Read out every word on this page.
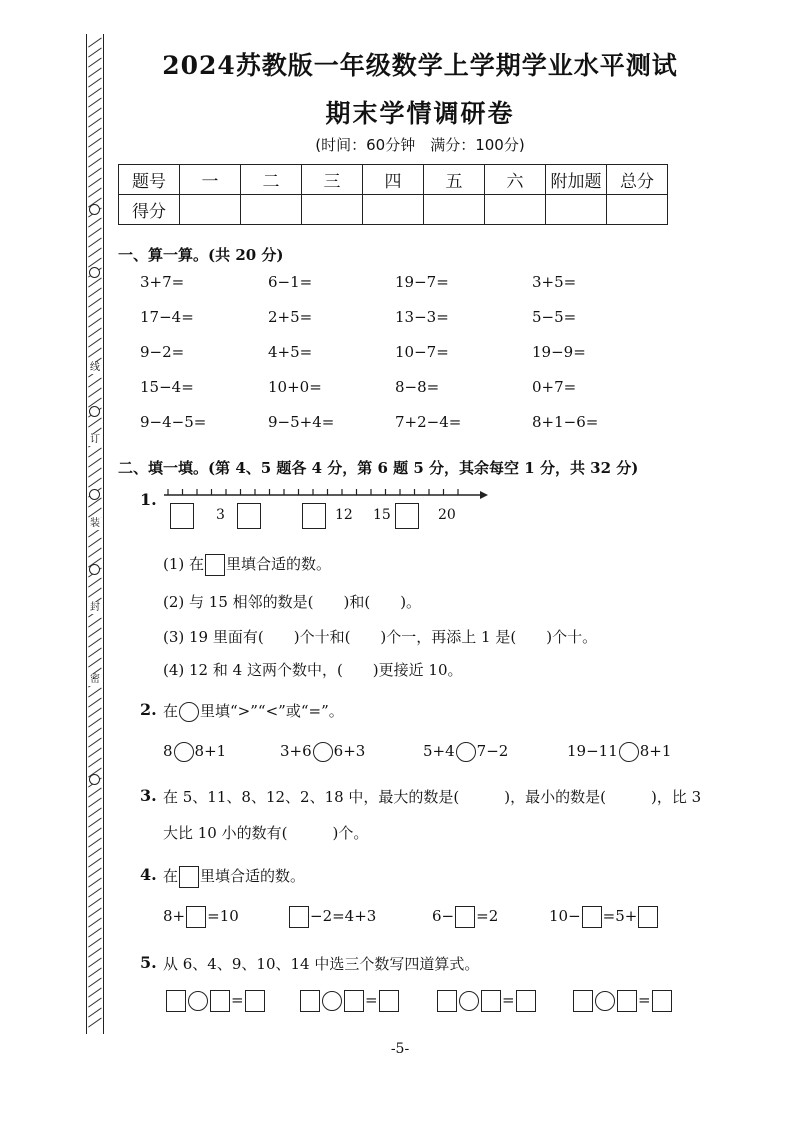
线
订
装
封
密
2024苏教版一年级数学上学期学业水平测试
期末学情调研卷
(时间：60分钟　满分：100分)
题号	一	二	三	四	五	六	附加题	总分
得分								
一、算一算。(共 20 分)
3+7=	6−1=	19−7=	3+5=
17−4=	2+5=	13−3=	5−5=
9−2=	4+5=	10−7=	19−9=
15−4=	10+0=	8−8=	0+7=
9−4−5=	9−5+4=	7+2−4=	8+1−6=
二、填一填。(第 4、5 题各 4 分，第 6 题 5 分，其余每空 1 分，共 32 分)
1.
3	12 15	20
(1) 在 里填合适的数。
(2) 与 15 相邻的数是(　　)和(　　)。
(3) 19 里面有(　　)个十和(　　)个一，再添上 1 是(　　)个十。
(4) 12 和 4 这两个数中，(　　)更接近 10。
2. 在 里填“>”“<”或“=”。
8 8+1	3+6 6+3	5+4 7−2	19−11 8+1
3. 在 5、11、8、12、2、18 中，最大的数是(　　　)，最小的数是(　　　)，比 3
大比 10 小的数有(　　　)个。
4. 在 里填合适的数。
8+ =10	−2=4+3	6− =2	10− =5+
5. 从 6、4、9、10、14 中选三个数写四道算式。
=	=	=	=
-5-
